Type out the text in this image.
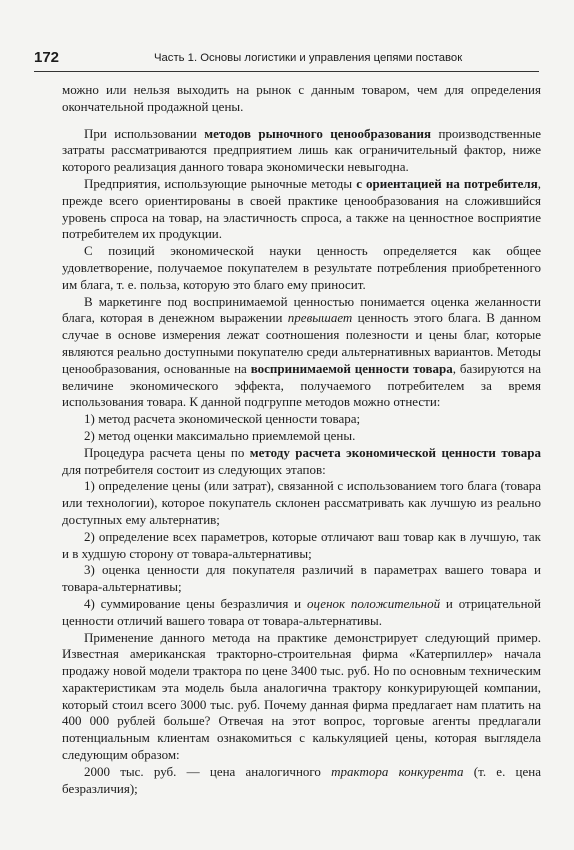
172	Часть 1. Основы логистики и управления цепями поставок

можно или нельзя выходить на рынок с данным товаром, чем для определения окончательной продажной цены.

При использовании методов рыночного ценообразования производственные затраты рассматриваются предприятием лишь как ограничительный фактор, ниже которого реализация данного товара экономически невыгодна.

Предприятия, использующие рыночные методы с ориентацией на потребителя, прежде всего ориентированы в своей практике ценообразования на сложившийся уровень спроса на товар, на эластичность спроса, а также на ценностное восприятие потребителем их продукции.

С позиций экономической науки ценность определяется как общее удовлетворение, получаемое покупателем в результате потребления приобретенного им блага, т. е. польза, которую это благо ему приносит.

В маркетинге под воспринимаемой ценностью понимается оценка желанности блага, которая в денежном выражении превышает ценность этого блага. В данном случае в основе измерения лежат соотношения полезности и цены благ, которые являются реально доступными покупателю среди альтернативных вариантов. Методы ценообразования, основанные на воспринимаемой ценности товара, базируются на величине экономического эффекта, получаемого потребителем за время использования товара. К данной подгруппе методов можно отнести:

1) метод расчета экономической ценности товара;

2) метод оценки максимально приемлемой цены.

Процедура расчета цены по методу расчета экономической ценности товара для потребителя состоит из следующих этапов:

1) определение цены (или затрат), связанной с использованием того блага (товара или технологии), которое покупатель склонен рассматривать как лучшую из реально доступных ему альтернатив;

2) определение всех параметров, которые отличают ваш товар как в лучшую, так и в худшую сторону от товара-альтернативы;

3) оценка ценности для покупателя различий в параметрах вашего товара и товара-альтернативы;

4) суммирование цены безразличия и оценок положительной и отрицательной ценности отличий вашего товара от товара-альтернативы.

Применение данного метода на практике демонстрирует следующий пример. Известная американская тракторно-строительная фирма «Катерпиллер» начала продажу новой модели трактора по цене 3400 тыс. руб. Но по основным техническим характеристикам эта модель была аналогична трактору конкурирующей компании, который стоил всего 3000 тыс. руб. Почему данная фирма предлагает нам платить на 400 000 рублей больше? Отвечая на этот вопрос, торговые агенты предлагали потенциальным клиентам ознакомиться с калькуляцией цены, которая выглядела следующим образом:

2000 тыс. руб. — цена аналогичного трактора конкурента (т. е. цена безразличия);
